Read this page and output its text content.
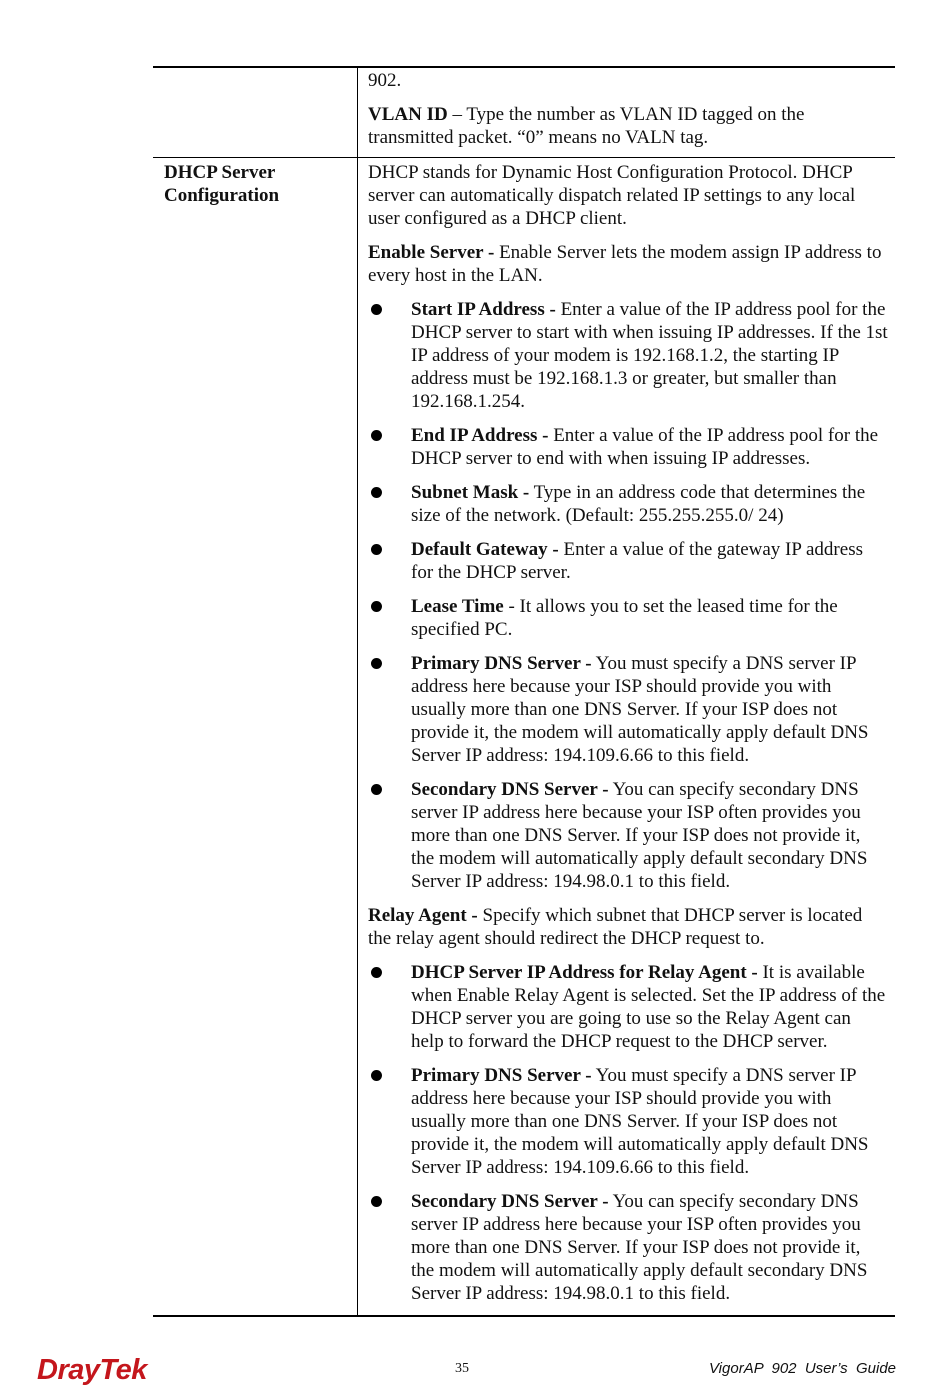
902.

VLAN ID – Type the number as VLAN ID tagged on the transmitted packet. “0” means no VALN tag.

DHCP Server
Configuration

DHCP stands for Dynamic Host Configuration Protocol. DHCP server can automatically dispatch related IP settings to any local user configured as a DHCP client.

Enable Server - Enable Server lets the modem assign IP address to every host in the LAN.

Start IP Address - Enter a value of the IP address pool for the DHCP server to start with when issuing IP addresses. If the 1st IP address of your modem is 192.168.1.2, the starting IP address must be 192.168.1.3 or greater, but smaller than 192.168.1.254.
End IP Address - Enter a value of the IP address pool for the DHCP server to end with when issuing IP addresses.
Subnet Mask - Type in an address code that determines the size of the network. (Default: 255.255.255.0/ 24)
Default Gateway - Enter a value of the gateway IP address for the DHCP server.
Lease Time - It allows you to set the leased time for the specified PC.
Primary DNS Server - You must specify a DNS server IP address here because your ISP should provide you with usually more than one DNS Server. If your ISP does not provide it, the modem will automatically apply default DNS Server IP address: 194.109.6.66 to this field.
Secondary DNS Server - You can specify secondary DNS server IP address here because your ISP often provides you more than one DNS Server. If your ISP does not provide it, the modem will automatically apply default secondary DNS Server IP address: 194.98.0.1 to this field.

Relay Agent - Specify which subnet that DHCP server is located the relay agent should redirect the DHCP request to.

DHCP Server IP Address for Relay Agent - It is available when Enable Relay Agent is selected. Set the IP address of the DHCP server you are going to use so the Relay Agent can help to forward the DHCP request to the DHCP server.
Primary DNS Server - You must specify a DNS server IP address here because your ISP should provide you with usually more than one DNS Server. If your ISP does not provide it, the modem will automatically apply default DNS Server IP address: 194.109.6.66 to this field.
Secondary DNS Server - You can specify secondary DNS server IP address here because your ISP often provides you more than one DNS Server. If your ISP does not provide it, the modem will automatically apply default secondary DNS Server IP address: 194.98.0.1 to this field.
DrayTek	35	VigorAP  902  User’s  Guide
